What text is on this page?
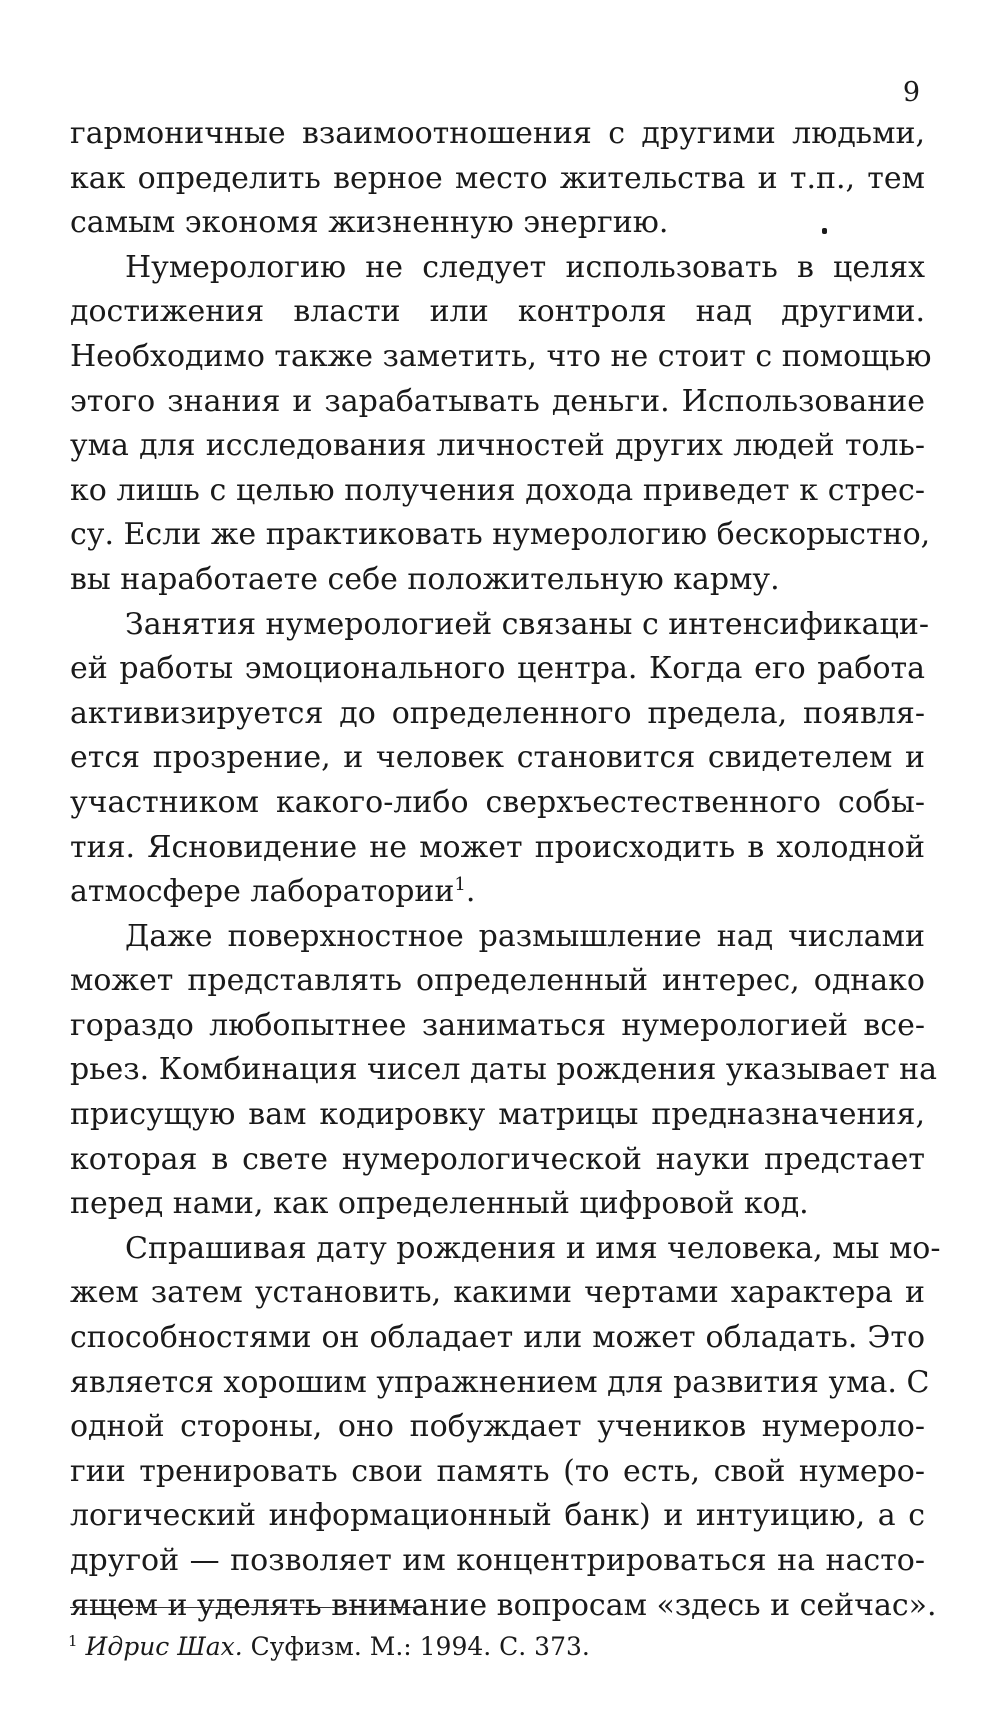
9

гармоничные взаимоотношения с другими людьми,
как определить верное место жительства и т.п., тем
самым экономя жизненную энергию.

Нумерологию не следует использовать в целях
достижения власти или контроля над другими.
Необходимо также заметить, что не стоит с помощью
этого знания и зарабатывать деньги. Использование
ума для исследования личностей других людей толь-
ко лишь с целью получения дохода приведет к стрес-
су. Если же практиковать нумерологию бескорыстно,
вы наработаете себе положительную карму.

Занятия нумерологией связаны с интенсификаци-
ей работы эмоционального центра. Когда его работа
активизируется до определенного предела, появля-
ется прозрение, и человек становится свидетелем и
участником какого-либо сверхъестественного собы-
тия. Ясновидение не может происходить в холодной
атмосфере лаборатории$^1$.

Даже поверхностное размышление над числами
может представлять определенный интерес, однако
гораздо любопытнее заниматься нумерологией все-
рьез. Комбинация чисел даты рождения указывает на
присущую вам кодировку матрицы предназначения,
которая в свете нумерологической науки предстает
перед нами, как определенный цифровой код.

Спрашивая дату рождения и имя человека, мы мо-
жем затем установить, какими чертами характера и
способностями он обладает или может обладать. Это
является хорошим упражнением для развития ума. С
одной стороны, оно побуждает учеников нумероло-
гии тренировать свои память (то есть, свой нумеро-
логический информационный банк) и интуицию, а с
другой — позволяет им концентрироваться на насто-
ящем и уделять внимание вопросам «здесь и сейчас».

$^1$ Идрис Шах. Суфизм. М.: 1994. С. 373.
